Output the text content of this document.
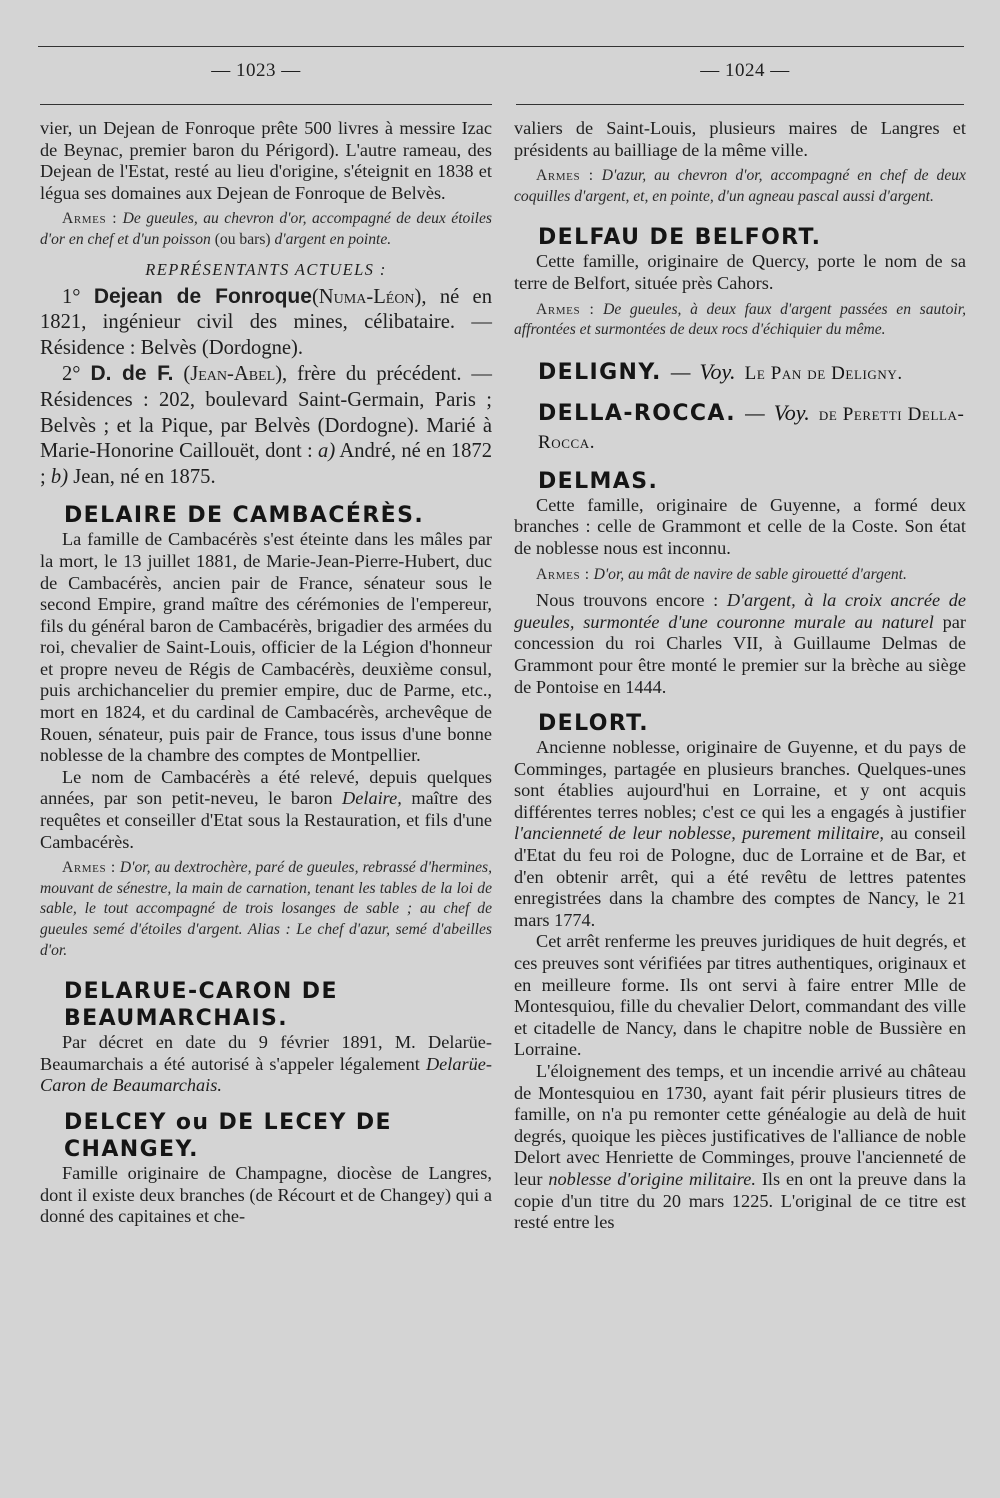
— 1023 —	— 1024 —

vier, un Dejean de Fonroque prête 500 livres à messire Izac de Beynac, premier baron du Périgord). L'autre rameau, des Dejean de l'Estat, resté au lieu d'origine, s'éteignit en 1838 et légua ses domaines aux Dejean de Fonroque de Belvès.

Armes : De gueules, au chevron d'or, accompagné de deux étoiles d'or en chef et d'un poisson (ou bars) d'argent en pointe.

REPRÉSENTANTS ACTUELS :

1° Dejean de Fonroque(Numa-Léon), né en 1821, ingénieur civil des mines, célibataire. — Résidence : Belvès (Dordogne).

2° D. de F. (Jean-Abel), frère du précédent. — Résidences : 202, boulevard Saint-Germain, Paris ; Belvès ; et la Pique, par Belvès (Dordogne). Marié à Marie-Honorine Caillouët, dont : a) André, né en 1872 ; b) Jean, né en 1875.

DELAIRE DE CAMBACÉRÈS.

La famille de Cambacérès s'est éteinte dans les mâles par la mort, le 13 juillet 1881, de Marie-Jean-Pierre-Hubert, duc de Cambacérès, ancien pair de France, sénateur sous le second Empire, grand maître des cérémonies de l'empereur, fils du général baron de Cambacérès, brigadier des armées du roi, chevalier de Saint-Louis, officier de la Légion d'honneur et propre neveu de Régis de Cambacérès, deuxième consul, puis archichancelier du premier empire, duc de Parme, etc., mort en 1824, et du cardinal de Cambacérès, archevêque de Rouen, sénateur, puis pair de France, tous issus d'une bonne noblesse de la chambre des comptes de Montpellier.

Le nom de Cambacérès a été relevé, depuis quelques années, par son petit-neveu, le baron Delaire, maître des requêtes et conseiller d'Etat sous la Restauration, et fils d'une Cambacérès.

Armes : D'or, au dextrochère, paré de gueules, rebrassé d'hermines, mouvant de sénestre, la main de carnation, tenant les tables de la loi de sable, le tout accompagné de trois losanges de sable ; au chef de gueules semé d'étoiles d'argent. Alias : Le chef d'azur, semé d'abeilles d'or.

DELARUE-CARON DE BEAUMARCHAIS.

Par décret en date du 9 février 1891, M. Delarüe-Beaumarchais a été autorisé à s'appeler légalement Delarüe-Caron de Beaumarchais.

DELCEY ou DE LECEY DE CHANGEY.

Famille originaire de Champagne, diocèse de Langres, dont il existe deux branches (de Récourt et de Changey) qui a donné des capitaines et che-

valiers de Saint-Louis, plusieurs maires de Langres et présidents au bailliage de la même ville.

Armes : D'azur, au chevron d'or, accompagné en chef de deux coquilles d'argent, et, en pointe, d'un agneau pascal aussi d'argent.

DELFAU DE BELFORT.

Cette famille, originaire de Quercy, porte le nom de sa terre de Belfort, située près Cahors.

Armes : De gueules, à deux faux d'argent passées en sautoir, affrontées et surmontées de deux rocs d'échiquier du même.

DELIGNY. — Voy. Le Pan de Deligny.
DELLA-ROCCA. — Voy. de Peretti Della-Rocca.
DELMAS.

Cette famille, originaire de Guyenne, a formé deux branches : celle de Grammont et celle de la Coste. Son état de noblesse nous est inconnu.

Armes : D'or, au mât de navire de sable girouetté d'argent.

Nous trouvons encore : D'argent, à la croix ancrée de gueules, surmontée d'une couronne murale au naturel par concession du roi Charles VII, à Guillaume Delmas de Grammont pour être monté le premier sur la brèche au siège de Pontoise en 1444.

DELORT.

Ancienne noblesse, originaire de Guyenne, et du pays de Comminges, partagée en plusieurs branches. Quelques-unes sont établies aujourd'hui en Lorraine, et y ont acquis différentes terres nobles; c'est ce qui les a engagés à justifier l'ancienneté de leur noblesse, purement militaire, au conseil d'Etat du feu roi de Pologne, duc de Lorraine et de Bar, et d'en obtenir arrêt, qui a été revêtu de lettres patentes enregistrées dans la chambre des comptes de Nancy, le 21 mars 1774.

Cet arrêt renferme les preuves juridiques de huit degrés, et ces preuves sont vérifiées par titres authentiques, originaux et en meilleure forme. Ils ont servi à faire entrer Mlle de Montesquiou, fille du chevalier Delort, commandant des ville et citadelle de Nancy, dans le chapitre noble de Bussière en Lorraine.

L'éloignement des temps, et un incendie arrivé au château de Montesquiou en 1730, ayant fait périr plusieurs titres de famille, on n'a pu remonter cette généalogie au delà de huit degrés, quoique les pièces justificatives de l'alliance de noble Delort avec Henriette de Comminges, prouve l'ancienneté de leur noblesse d'origine militaire. Ils en ont la preuve dans la copie d'un titre du 20 mars 1225. L'original de ce titre est resté entre les
